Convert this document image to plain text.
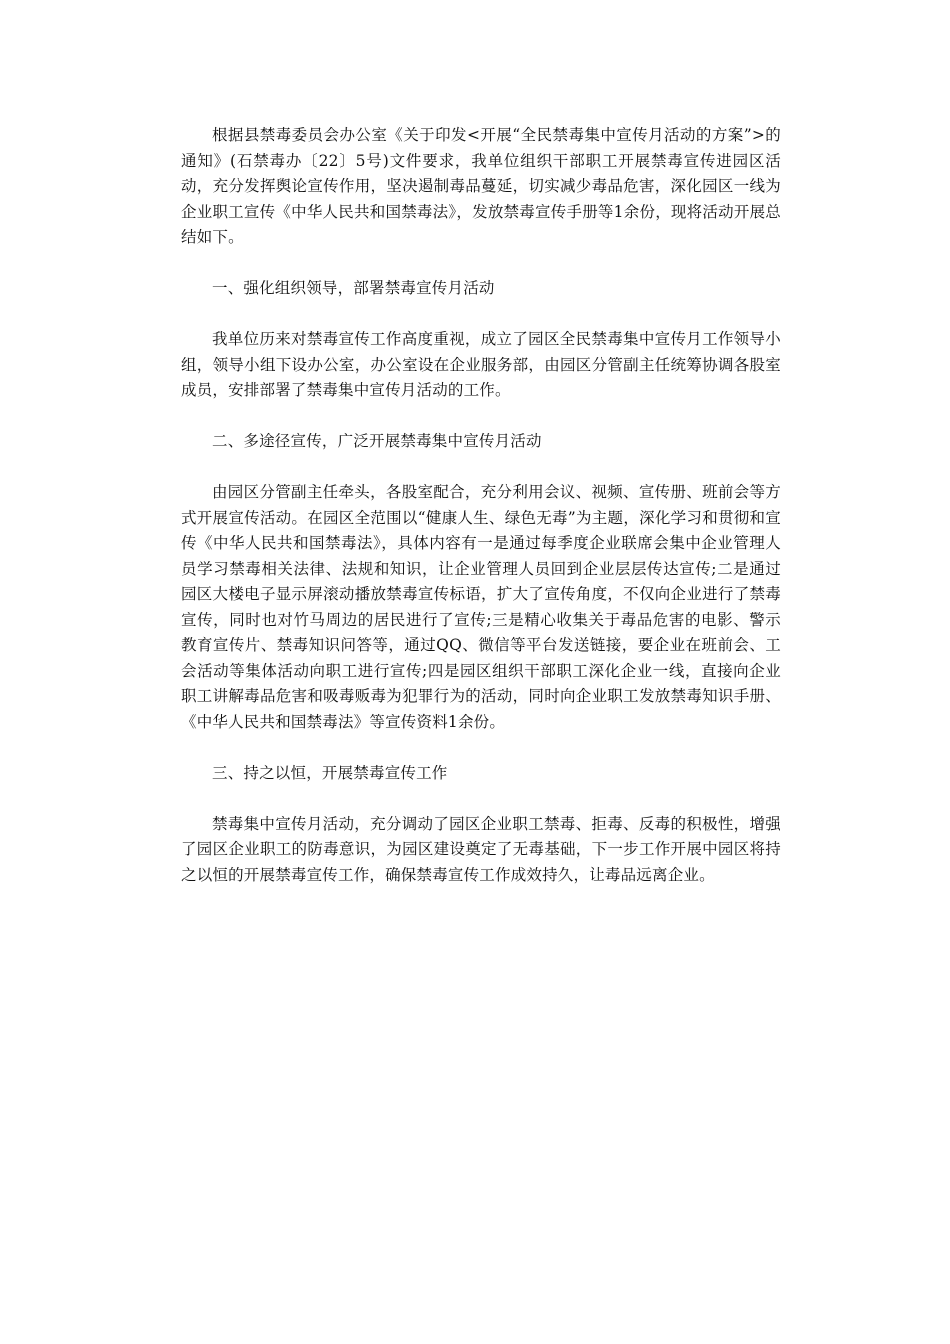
根据县禁毒委员会办公室《关于印发<开展“全民禁毒集中宣传月活动的方案”>的通知》(石禁毒办〔22〕5号)文件要求，我单位组织干部职工开展禁毒宣传进园区活动，充分发挥舆论宣传作用，坚决遏制毒品蔓延，切实减少毒品危害，深化园区一线为企业职工宣传《中华人民共和国禁毒法》，发放禁毒宣传手册等1余份，现将活动开展总结如下。

一、强化组织领导，部署禁毒宣传月活动

我单位历来对禁毒宣传工作高度重视，成立了园区全民禁毒集中宣传月工作领导小组，领导小组下设办公室，办公室设在企业服务部，由园区分管副主任统筹协调各股室成员，安排部署了禁毒集中宣传月活动的工作。

二、多途径宣传，广泛开展禁毒集中宣传月活动

由园区分管副主任牵头，各股室配合，充分利用会议、视频、宣传册、班前会等方式开展宣传活动。在园区全范围以“健康人生、绿色无毒”为主题，深化学习和贯彻和宣传《中华人民共和国禁毒法》，具体内容有一是通过每季度企业联席会集中企业管理人员学习禁毒相关法律、法规和知识，让企业管理人员回到企业层层传达宣传;二是通过园区大楼电子显示屏滚动播放禁毒宣传标语，扩大了宣传角度，不仅向企业进行了禁毒宣传，同时也对竹马周边的居民进行了宣传;三是精心收集关于毒品危害的电影、警示教育宣传片、禁毒知识问答等，通过QQ、微信等平台发送链接，要企业在班前会、工会活动等集体活动向职工进行宣传;四是园区组织干部职工深化企业一线，直接向企业职工讲解毒品危害和吸毒贩毒为犯罪行为的活动，同时向企业职工发放禁毒知识手册、《中华人民共和国禁毒法》等宣传资料1余份。

三、持之以恒，开展禁毒宣传工作

禁毒集中宣传月活动，充分调动了园区企业职工禁毒、拒毒、反毒的积极性，增强了园区企业职工的防毒意识，为园区建设奠定了无毒基础，下一步工作开展中园区将持之以恒的开展禁毒宣传工作，确保禁毒宣传工作成效持久，让毒品远离企业。
